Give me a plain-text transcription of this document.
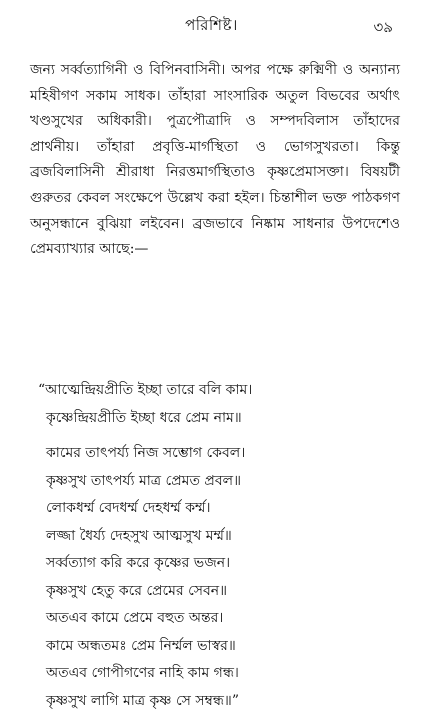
পরিশিষ্ট।	৩৯

জন্য সর্ব্বত্যাগিনী ও বিপিনবাসিনী। অপর পক্ষে রুক্মিণী ও অন্যান্য মহিষীগণ সকাম সাধক। তাঁহারা সাংসারিক অতুল বিভবের অর্থাৎ খণ্ডসুখের অধিকারী। পুত্রপৌত্রাদি ও সম্পদবিলাস তাঁহাদের প্রার্থনীয়। তাঁহারা প্রবৃত্তি-মার্গস্থিতা ও ভোগসুখরতা। কিন্তু ব্রজবিলাসিনী শ্রীরাধা নিরত্তমার্গস্থিতাও কৃষ্ণপ্রেমাসক্তা। বিষয়টী গুরুতর কেবল সংক্ষেপে উল্লেখ করা হইল। চিন্তাশীল ভক্ত পাঠকগণ অনুসন্ধানে বুঝিয়া লইবেন। ব্রজভাবে নিষ্কাম সাধনার উপদেশেও প্রেমব্যাখ্যার আছে:—

“আত্মেন্দ্রিয়প্রীতি ইচ্ছা তারে বলি কাম।
কৃষ্ণেন্দ্রিয়প্রীতি ইচ্ছা ধরে প্রেম নাম॥
কামের তাৎপর্য্য নিজ সম্ভোগ কেবল।
কৃষ্ণসুখ তাৎপর্য্য মাত্র প্রেমত প্রবল॥
লোকধর্ম্ম বেদধর্ম্ম দেহধর্ম্ম কর্ম্ম।
লজ্জা ধৈর্য্য দেহসুখ আত্মসুখ মর্ম্ম॥
সর্ব্বত্যাগ করি করে কৃষ্ণের ভজন।
কৃষ্ণসুখ হেতু করে প্রেমের সেবন॥
অতএব কামে প্রেমে বহুত অন্তর।
কামে অন্ধতমঃ প্রেম নির্ম্মল ভাস্বর॥
অতএব গোপীগণের নাহি কাম গন্ধ।
কৃষ্ণসুখ লাগি মাত্র কৃষ্ণ সে সম্বন্ধ॥”
